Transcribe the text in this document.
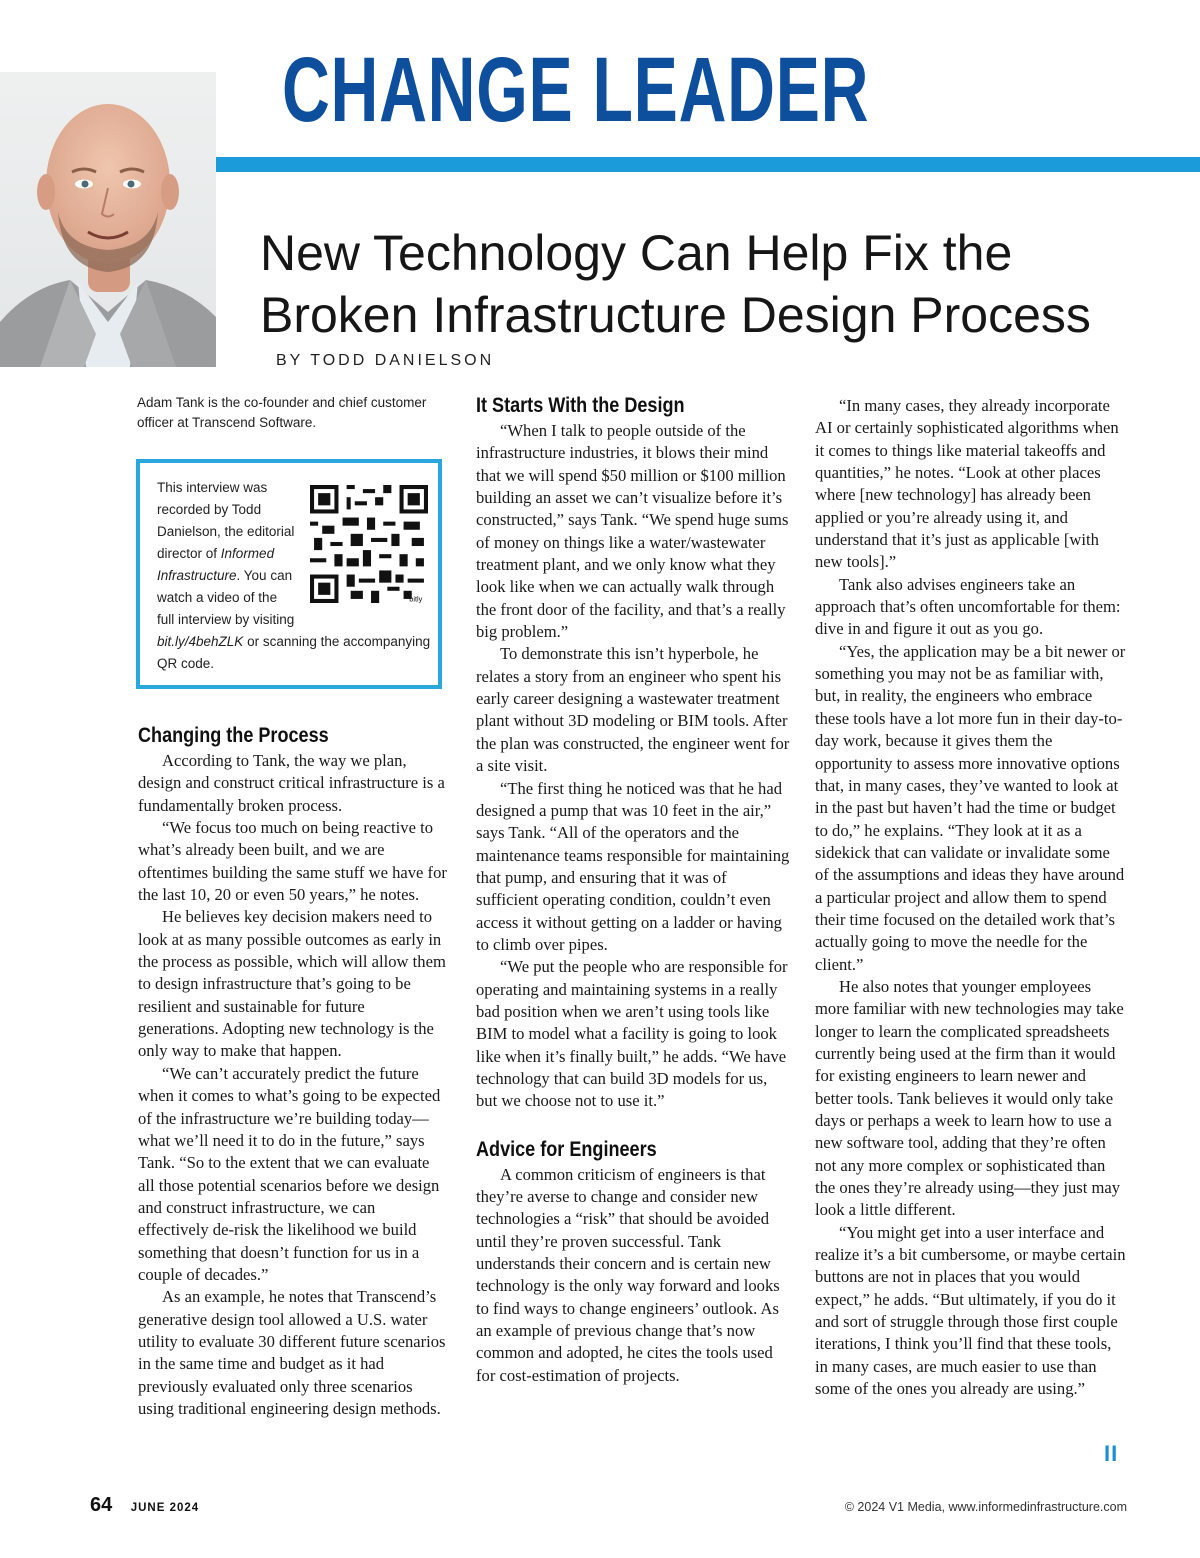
CHANGE LEADER
New Technology Can Help Fix the
Broken Infrastructure Design Process
BY TODD DANIELSON
Adam Tank is the co-founder and chief customer officer at Transcend Software.
This interview was
recorded by Todd
Danielson, the editorial
director of Informed
Infrastructure. You can
watch a video of the
full interview by visiting
bit.ly/4behZLK or scanning the accompanying
QR code.
bitly
Changing the Process

According to Tank, the way we plan, design and construct critical infrastructure is a fundamentally broken process.

“We focus too much on being reactive to what’s already been built, and we are oftentimes building the same stuff we have for the last 10, 20 or even 50 years,” he notes.

He believes key decision makers need to look at as many possible outcomes as early in the process as possible, which will allow them to design infrastructure that’s going to be resilient and sustainable for future generations. Adopting new technology is the only way to make that happen.

“We can’t accurately predict the future when it comes to what’s going to be expected of the infrastructure we’re building today—what we’ll need it to do in the future,” says Tank. “So to the extent that we can evaluate all those potential scenarios before we design and construct infrastructure, we can effectively de-risk the likelihood we build something that doesn’t function for us in a couple of decades.”

As an example, he notes that Transcend’s generative design tool allowed a U.S. water utility to evaluate 30 different future scenarios in the same time and budget as it had previously evaluated only three scenarios using traditional engineering design methods.

It Starts With the Design

“When I talk to people outside of the infrastructure industries, it blows their mind that we will spend $50 million or $100 million building an asset we can’t visualize before it’s constructed,” says Tank. “We spend huge sums of money on things like a water/wastewater treatment plant, and we only know what they look like when we can actually walk through the front door of the facility, and that’s a really big problem.”

To demonstrate this isn’t hyperbole, he relates a story from an engineer who spent his early career designing a wastewater treatment plant without 3D modeling or BIM tools. After the plan was constructed, the engineer went for a site visit.

“The first thing he noticed was that he had designed a pump that was 10 feet in the air,” says Tank. “All of the operators and the maintenance teams responsible for maintaining that pump, and ensuring that it was of sufficient operating condition, couldn’t even access it without getting on a ladder or having to climb over pipes.

“We put the people who are responsible for operating and maintaining systems in a really bad position when we aren’t using tools like BIM to model what a facility is going to look like when it’s finally built,” he adds. “We have technology that can build 3D models for us, but we choose not to use it.”

Advice for Engineers

A common criticism of engineers is that they’re averse to change and consider new technologies a “risk” that should be avoided until they’re proven successful. Tank understands their concern and is certain new technology is the only way forward and looks to find ways to change engineers’ outlook. As an example of previous change that’s now common and adopted, he cites the tools used for cost-estimation of projects.

“In many cases, they already incorporate AI or certainly sophisticated algorithms when it comes to things like material takeoffs and quantities,” he notes. “Look at other places where [new technology] has already been applied or you’re already using it, and understand that it’s just as applicable [with new tools].”

Tank also advises engineers take an approach that’s often uncomfortable for them: dive in and figure it out as you go.

“Yes, the application may be a bit newer or something you may not be as familiar with, but, in reality, the engineers who embrace these tools have a lot more fun in their day-to-day work, because it gives them the opportunity to assess more innovative options that, in many cases, they’ve wanted to look at in the past but haven’t had the time or budget to do,” he explains. “They look at it as a sidekick that can validate or invalidate some of the assumptions and ideas they have around a particular project and allow them to spend their time focused on the detailed work that’s actually going to move the needle for the client.”

He also notes that younger employees more familiar with new technologies may take longer to learn the complicated spreadsheets currently being used at the firm than it would for existing engineers to learn newer and better tools. Tank believes it would only take days or perhaps a week to learn how to use a new software tool, adding that they’re often not any more complex or sophisticated than the ones they’re already using—they just may look a little different.

“You might get into a user interface and realize it’s a bit cumbersome, or maybe certain buttons are not in places that you would expect,” he adds. “But ultimately, if you do it and sort of struggle through those first couple iterations, I think you’ll find that these tools, in many cases, are much easier to use than some of the ones you already are using.”

II
64 JUNE 2024	© 2024 V1 Media, www.informedinfrastructure.com
